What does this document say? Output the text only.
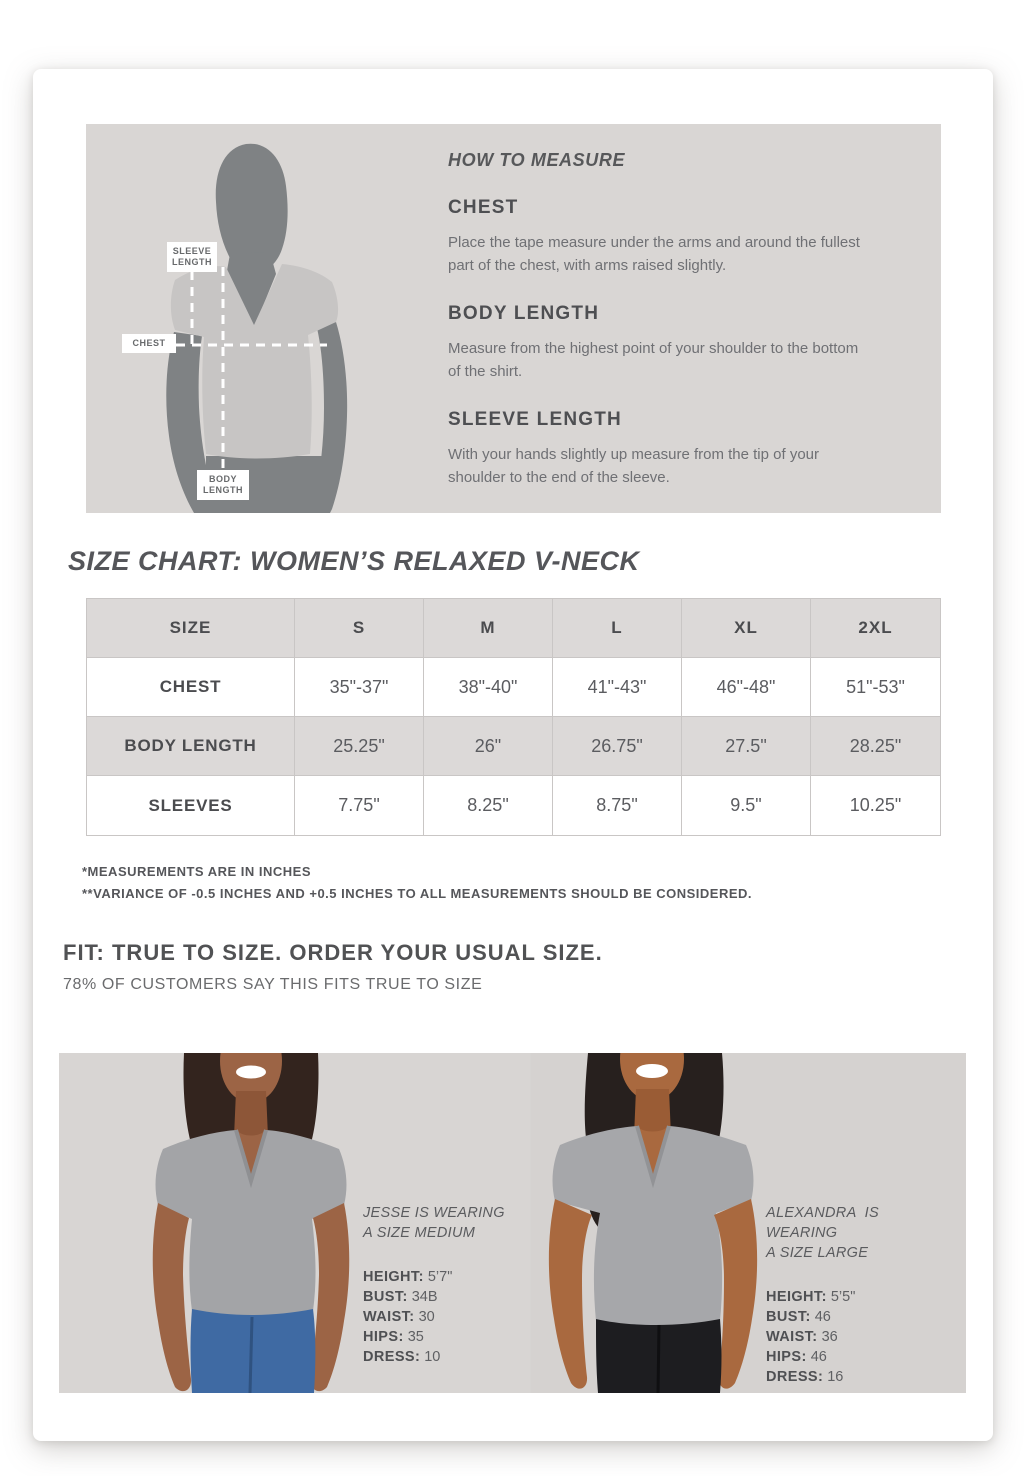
SLEEVE LENGTH
CHEST
BODY LENGTH
HOW TO MEASURE
CHEST
Place the tape measure under the arms and around the fullest part of the chest, with arms raised slightly.
BODY LENGTH
Measure from the highest point of your shoulder to the bottom of the shirt.
SLEEVE LENGTH
With your hands slightly up measure from the tip of your shoulder to the end of the sleeve.
SIZE CHART: WOMEN’S RELAXED V-NECK
SIZE	S	M	L	XL	2XL
CHEST	35"-37"	38"-40"	41"-43"	46"-48"	51"-53"
BODY LENGTH	25.25"	26"	26.75"	27.5"	28.25"
SLEEVES	7.75"	8.25"	8.75"	9.5"	10.25"
*MEASUREMENTS ARE IN INCHES
**VARIANCE OF -0.5 INCHES AND +0.5 INCHES TO ALL MEASUREMENTS SHOULD BE CONSIDERED.
FIT: TRUE TO SIZE. ORDER YOUR USUAL SIZE.
78% OF CUSTOMERS SAY THIS FITS TRUE TO SIZE
JESSE IS WEARING
A SIZE MEDIUM
HEIGHT: 5’7"
BUST: 34B
WAIST: 30
HIPS: 35
DRESS: 10
ALEXANDRA  IS WEARING
A SIZE LARGE
HEIGHT: 5’5"
BUST: 46
WAIST: 36
HIPS: 46
DRESS: 16
